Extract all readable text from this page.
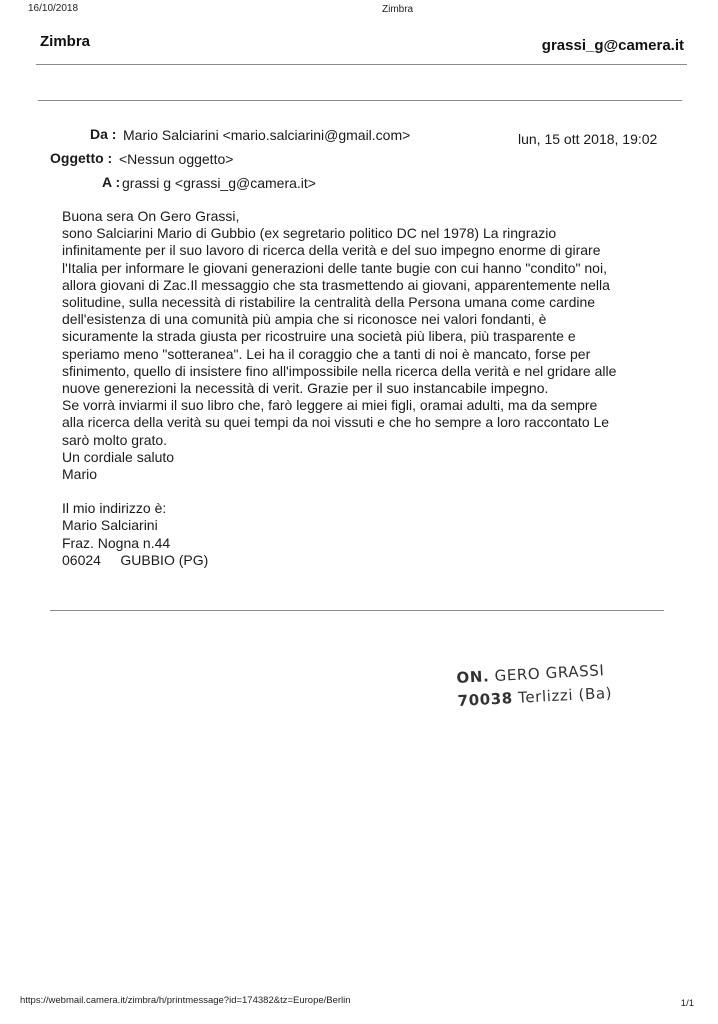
16/10/2018	Zimbra
Zimbra	grassi_g@camera.it
Da : Mario Salciarini <mario.salciarini@gmail.com>	lun, 15 ott 2018, 19:02
Oggetto : <Nessun oggetto>
A : grassi g <grassi_g@camera.it>
Buona sera On Gero Grassi,
sono Salciarini Mario di Gubbio (ex segretario politico DC nel 1978) La ringrazio
infinitamente per il suo lavoro di ricerca della verità e del suo impegno enorme di girare
l'Italia per informare le giovani generazioni delle tante bugie con cui hanno "condito" noi,
allora giovani di Zac.Il messaggio che sta trasmettendo ai giovani, apparentemente nella
solitudine, sulla necessità di ristabilire la centralità della Persona umana come cardine
dell'esistenza di una comunità più ampia che si riconosce nei valori fondanti, è
sicuramente la strada giusta per ricostruire una società più libera, più trasparente e
speriamo meno "sotteranea". Lei ha il coraggio che a tanti di noi è mancato, forse per
sfinimento, quello di insistere fino all'impossibile nella ricerca della verità e nel gridare alle
nuove generezioni la necessità di verit. Grazie per il suo instancabile impegno.
Se vorrà inviarmi il suo libro che, farò leggere ai miei figli, oramai adulti, ma da sempre
alla ricerca della verità su quei tempi da noi vissuti e che ho sempre a loro raccontato Le
sarò molto grato.
Un cordiale saluto
Mario
Il mio indirizzo è:
Mario Salciarini
Fraz. Nogna n.44
06024     GUBBIO (PG)
ON. GERO GRASSI
70038 Terlizzi (Ba)
https://webmail.camera.it/zimbra/h/printmessage?id=174382&tz=Europe/Berlin	1/1
